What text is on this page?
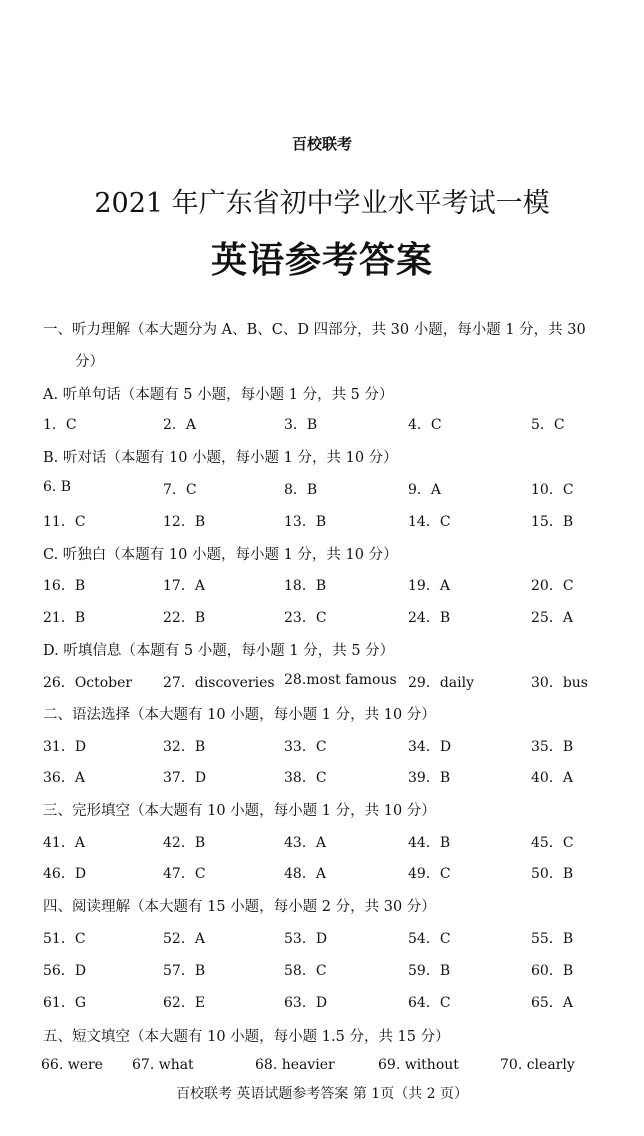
百校联考
2021 年广东省初中学业水平考试一模
英语参考答案
一、听力理解（本大题分为 A、B、C、D 四部分，共 30 小题，每小题 1 分，共 30
分）
A. 听单句话（本题有 5 小题，每小题 1 分，共 5 分）
1．C	2．A	3．B	4．C	5．C
B. 听对话（本题有 10 小题，每小题 1 分，共 10 分）
6. B	7．C	8．B	9．A	10．C
11．C	12．B	13．B	14．C	15．B
C. 听独白（本题有 10 小题，每小题 1 分，共 10 分）
16．B	17．A	18．B	19．A	20．C
21．B	22．B	23．C	24．B	25．A
D. 听填信息（本题有 5 小题，每小题 1 分，共 5 分）
26．October 27．discoveries 28.most famous 29．daily	30．bus
二、语法选择（本大题有 10 小题，每小题 1 分，共 10 分）
31．D	32．B	33．C	34．D	35．B
36．A	37．D	38．C	39．B	40．A
三、完形填空（本大题有 10 小题，每小题 1 分，共 10 分）
41．A	42．B	43．A	44．B	45．C
46．D	47．C	48．A	49．C	50．B
四、阅读理解（本大题有 15 小题，每小题 2 分，共 30 分）
51．C	52．A	53．D	54．C	55．B
56．D	57．B	58．C	59．B	60．B
61．G	62．E	63．D	64．C	65．A
五、短文填空（本大题有 10 小题，每小题 1.5 分，共 15 分）
66. were 67. what	68. heavier	69. without	70. clearly
百校联考 英语试题参考答案 第 1页（共 2 页）
